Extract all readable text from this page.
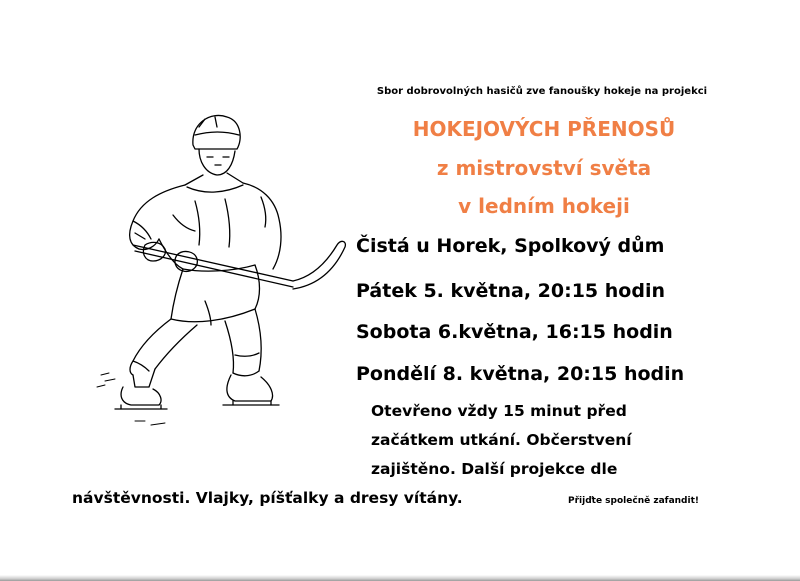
Sbor dobrovolných hasičů zve fanoušky hokeje na projekci
HOKEJOVÝCH PŘENOSŮ
z mistrovství světa
v ledním hokeji
Čistá u Horek, Spolkový dům
Pátek 5. května, 20:15 hodin
Sobota 6.května, 16:15 hodin
Pondělí 8. května, 20:15 hodin
Otevřeno vždy 15 minut před
začátkem utkání. Občerstvení
zajištěno. Další projekce dle
návštěvnosti. Vlajky, píšťalky a dresy vítány.	Přijďte společně zafandit!
